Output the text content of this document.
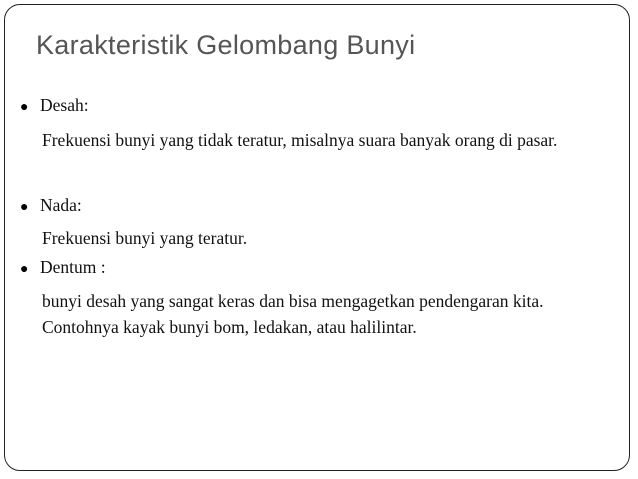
Karakteristik Gelombang Bunyi
● Desah:
Frekuensi bunyi yang tidak teratur, misalnya suara banyak orang di pasar.
● Nada:
Frekuensi bunyi yang teratur.
● Dentum :
bunyi desah yang sangat keras dan bisa mengagetkan pendengaran kita. Contohnya kayak bunyi bom, ledakan, atau halilintar.
